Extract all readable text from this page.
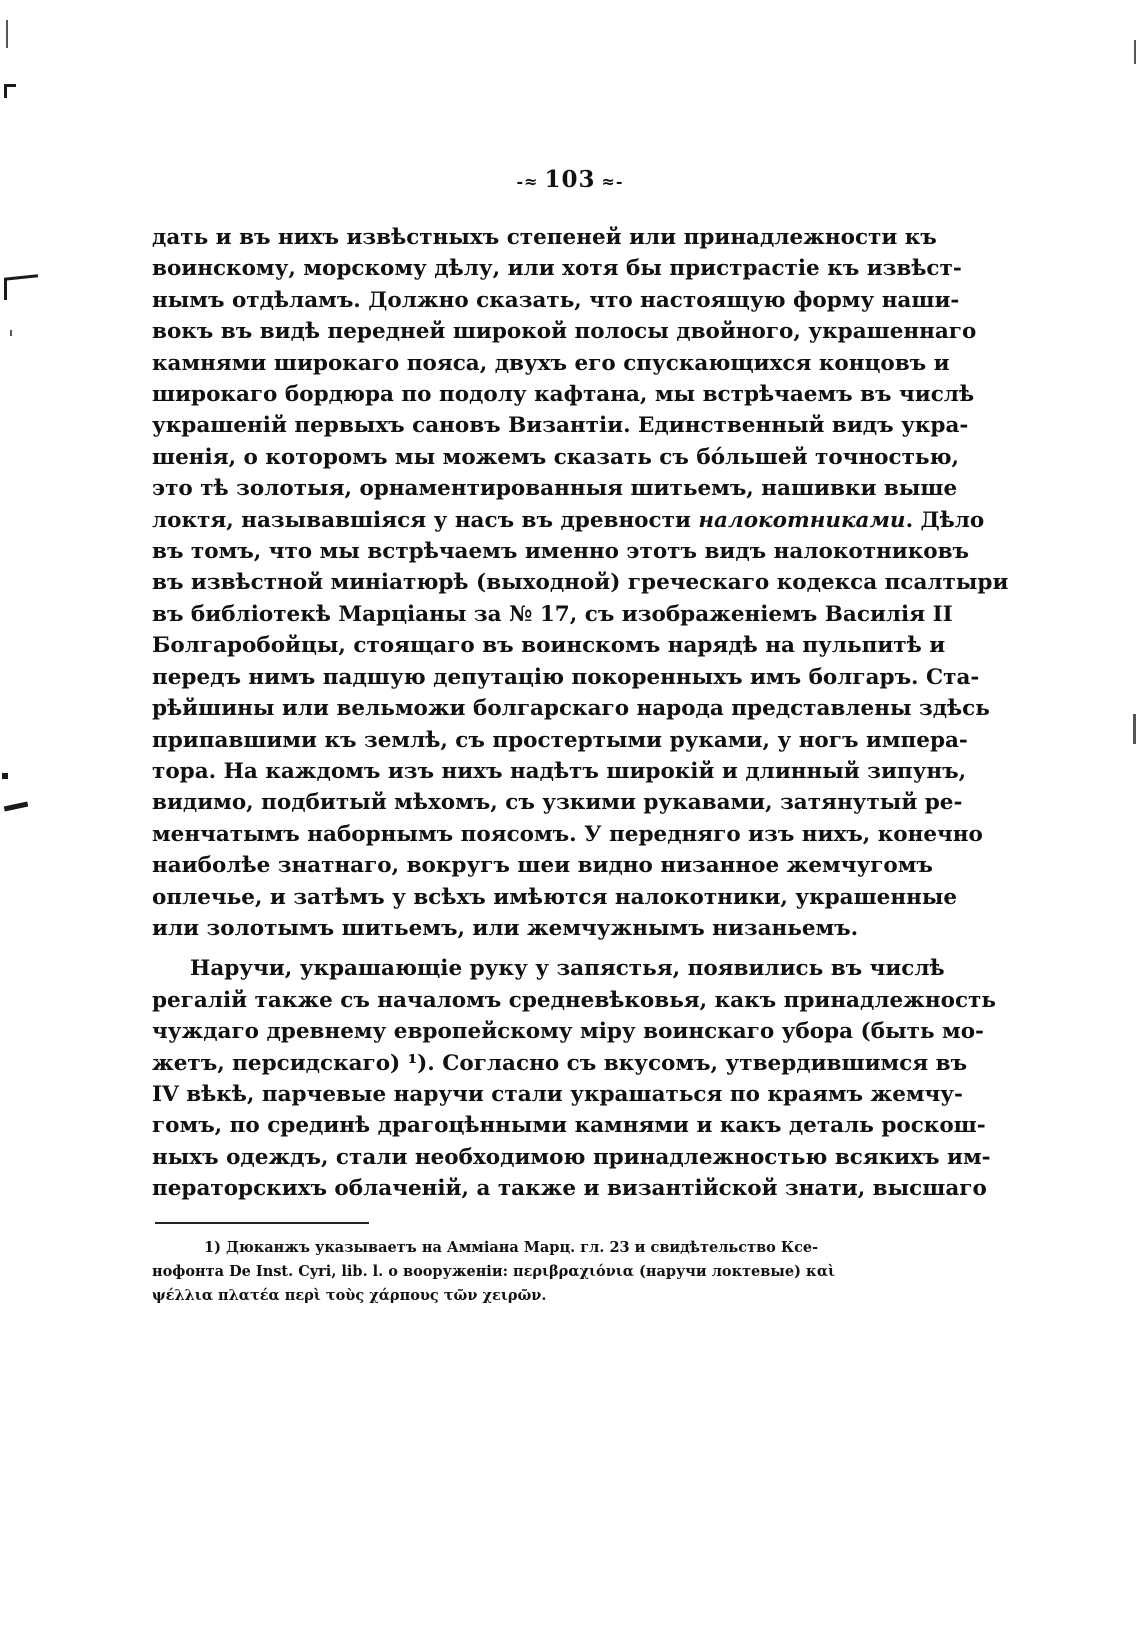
-≈ 103 ≈-
дать и въ нихъ извѣстныхъ степеней или принадлежности къ
воинскому, морскому дѣлу, или хотя бы пристрастіе къ извѣст-
нымъ отдѣламъ. Должно сказать, что настоящую форму наши-
вокъ въ видѣ передней широкой полосы двойного, украшеннаго
камнями широкаго пояса, двухъ его спускающихся концовъ и
широкаго бордюра по подолу кафтана, мы встрѣчаемъ въ числѣ
украшеній первыхъ сановъ Византіи. Единственный видъ укра-
шенія, о которомъ мы можемъ сказать съ бóльшей точностью,
это тѣ золотыя, орнаментированныя шитьемъ, нашивки выше
локтя, называвшіяся у насъ въ древности налокотниками. Дѣло
въ томъ, что мы встрѣчаемъ именно этотъ видъ налокотниковъ
въ извѣстной миніатюрѣ (выходной) греческаго кодекса псалтыри
въ библіотекѣ Марціаны за № 17, съ изображеніемъ Василія II
Болгаробойцы, стоящаго въ воинскомъ нарядѣ на пульпитѣ и
передъ нимъ падшую депутацію покоренныхъ имъ болгаръ. Ста-
рѣйшины или вельможи болгарскаго народа представлены здѣсь
припавшими къ землѣ, съ простертыми руками, у ногъ импера-
тора. На каждомъ изъ нихъ надѣтъ широкій и длинный зипунъ,
видимо, подбитый мѣхомъ, съ узкими рукавами, затянутый ре-
менчатымъ наборнымъ поясомъ. У передняго изъ нихъ, конечно
наиболѣе знатнаго, вокругъ шеи видно низанное жемчугомъ
оплечье, и затѣмъ у всѣхъ имѣются налокотники, украшенные
или золотымъ шитьемъ, или жемчужнымъ низаньемъ.
Наручи, украшающіе руку у запястья, появились въ числѣ
регалій также съ началомъ средневѣковья, какъ принадлежность
чуждаго древнему европейскому міру воинскаго убора (быть мо-
жетъ, персидскаго) ¹). Согласно съ вкусомъ, утвердившимся въ
IV вѣкѣ, парчевые наручи стали украшаться по краямъ жемчу-
гомъ, по срединѣ драгоцѣнными камнями и какъ деталь роскош-
ныхъ одеждъ, стали необходимою принадлежностью всякихъ им-
ператорскихъ облаченій, а также и византійской знати, высшаго
1) Дюканжъ указываетъ на Амміана Марц. гл. 23 и свидѣтельство Ксе-
нофонта De Inst. Cyri, lib. l. о вооруженіи: περιβραχιόνια (наручи локтевые) καὶ
ψέλλια πλατέα περὶ τοὺς χάρπους τῶν χειρῶν.
